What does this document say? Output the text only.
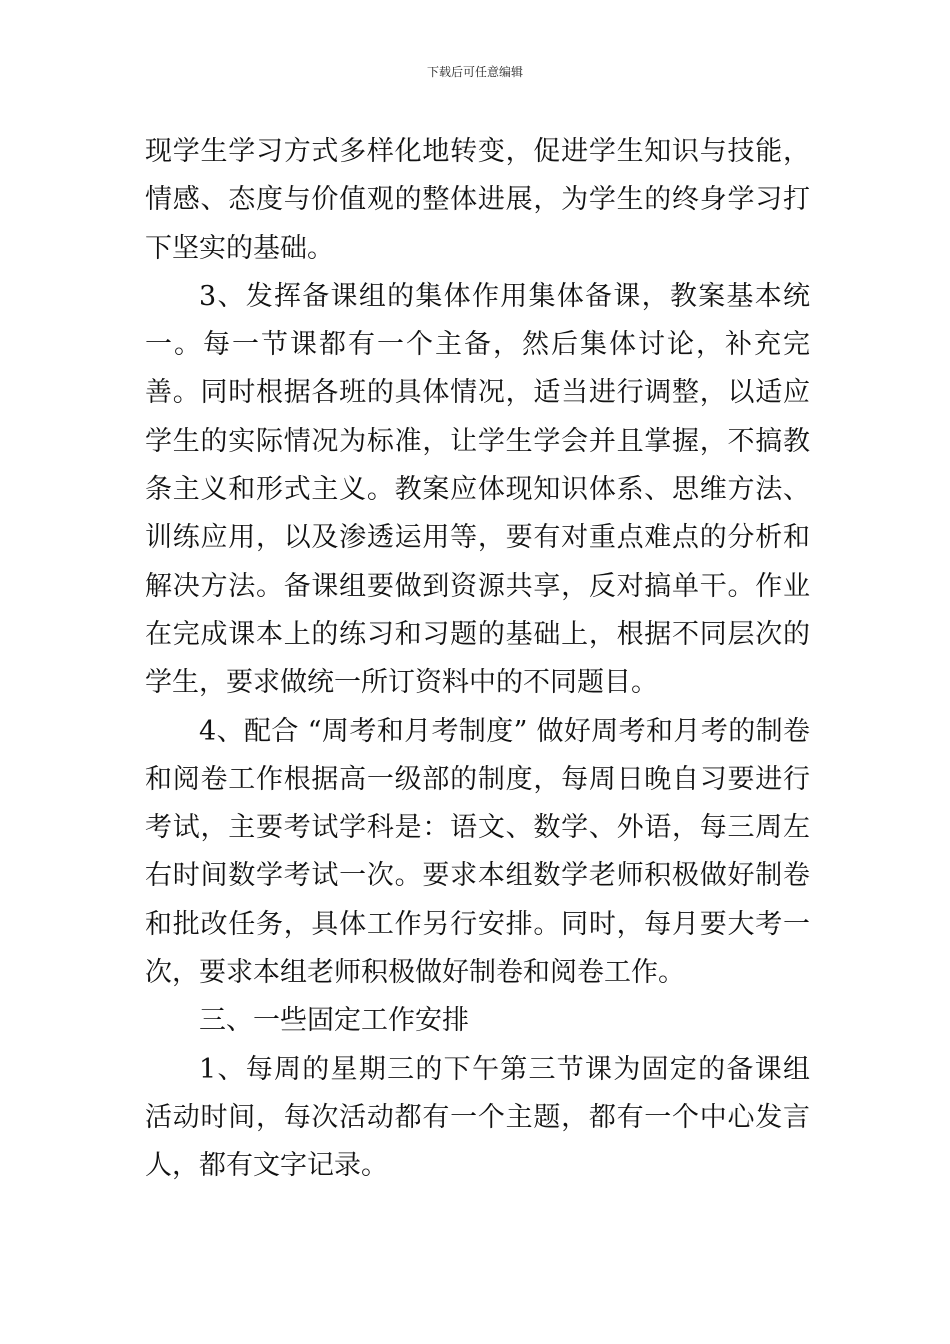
下载后可任意编辑

现学生学习方式多样化地转变，促进学生知识与技能，情感、态度与价值观的整体进展，为学生的终身学习打下坚实的基础。

3、发挥备课组的集体作用集体备课，教案基本统一。每一节课都有一个主备，然后集体讨论，补充完善。同时根据各班的具体情况，适当进行调整，以适应学生的实际情况为标准，让学生学会并且掌握，不搞教条主义和形式主义。教案应体现知识体系、思维方法、训练应用，以及渗透运用等，要有对重点难点的分析和解决方法。备课组要做到资源共享，反对搞单干。作业在完成课本上的练习和习题的基础上，根据不同层次的学生，要求做统一所订资料中的不同题目。

4、配合 “周考和月考制度” 做好周考和月考的制卷和阅卷工作根据高一级部的制度，每周日晚自习要进行考试，主要考试学科是：语文、数学、外语，每三周左右时间数学考试一次。要求本组数学老师积极做好制卷和批改任务，具体工作另行安排。同时，每月要大考一次，要求本组老师积极做好制卷和阅卷工作。

三、一些固定工作安排

1、每周的星期三的下午第三节课为固定的备课组活动时间，每次活动都有一个主题，都有一个中心发言人，都有文字记录。
